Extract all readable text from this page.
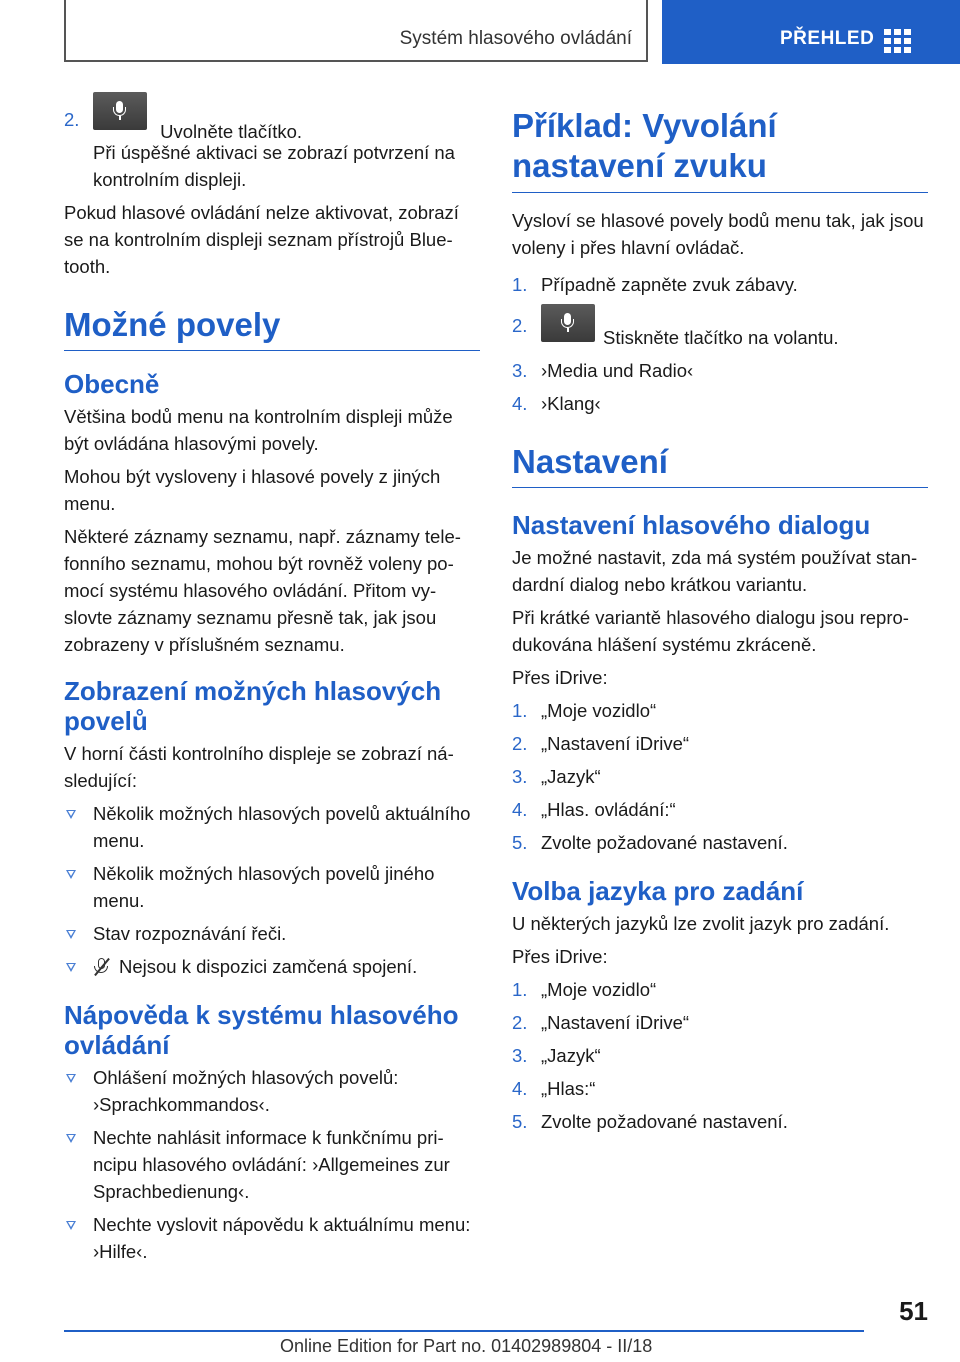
Systém hlasového ovládání	PŘEHLED
2.
Uvolněte tlačítko.
Při úspěšné aktivaci se zobrazí potvrzení na kontrolním displeji.
Pokud hlasové ovládání nelze aktivovat, zobrazí se na kontrolním displeji seznam přístrojů Blue‐tooth.
Možné povely
Obecně
Většina bodů menu na kontrolním displeji může být ovládána hlasovými povely.
Mohou být vysloveny i hlasové povely z jiných menu.
Některé záznamy seznamu, např. záznamy tele‐fonního seznamu, mohou být rovněž voleny po‐mocí systému hlasového ovládání. Přitom vy‐slovte záznamy seznamu přesně tak, jak jsou zobrazeny v příslušném seznamu.
Zobrazení možných hlasových povelů
V horní části kontrolního displeje se zobrazí ná‐sledující:
Několik možných hlasových povelů aktuálního menu.
Několik možných hlasových povelů jiného menu.
Stav rozpoznávání řeči.
Nejsou k dispozici zamčená spojení.
Nápověda k systému hlasového ovládání
Ohlášení možných hlasových povelů: ›Sprachkommandos‹.
Nechte nahlásit informace k funkčnímu pri‐ncipu hlasového ovládání: ›Allgemeines zur Sprachbedienung‹.
Nechte vyslovit nápovědu k aktuálnímu menu: ›Hilfe‹.
Příklad: Vyvolání nastavení zvuku
Vysloví se hlasové povely bodů menu tak, jak jsou voleny i přes hlavní ovládač.
1. Případně zapněte zvuk zábavy.
2.
Stiskněte tlačítko na volantu.
3. ›Media und Radio‹
4. ›Klang‹
Nastavení
Nastavení hlasového dialogu
Je možné nastavit, zda má systém používat stan‐dardní dialog nebo krátkou variantu.
Při krátké variantě hlasového dialogu jsou repro‐dukována hlášení systému zkráceně.
Přes iDrive:
1. „Moje vozidlo“
2. „Nastavení iDrive“
3. „Jazyk“
4. „Hlas. ovládání:“
5. Zvolte požadované nastavení.
Volba jazyka pro zadání
U některých jazyků lze zvolit jazyk pro zadání.
Přes iDrive:
1. „Moje vozidlo“
2. „Nastavení iDrive“
3. „Jazyk“
4. „Hlas:“
5. Zvolte požadované nastavení.
51
Online Edition for Part no. 01402989804 - II/18
